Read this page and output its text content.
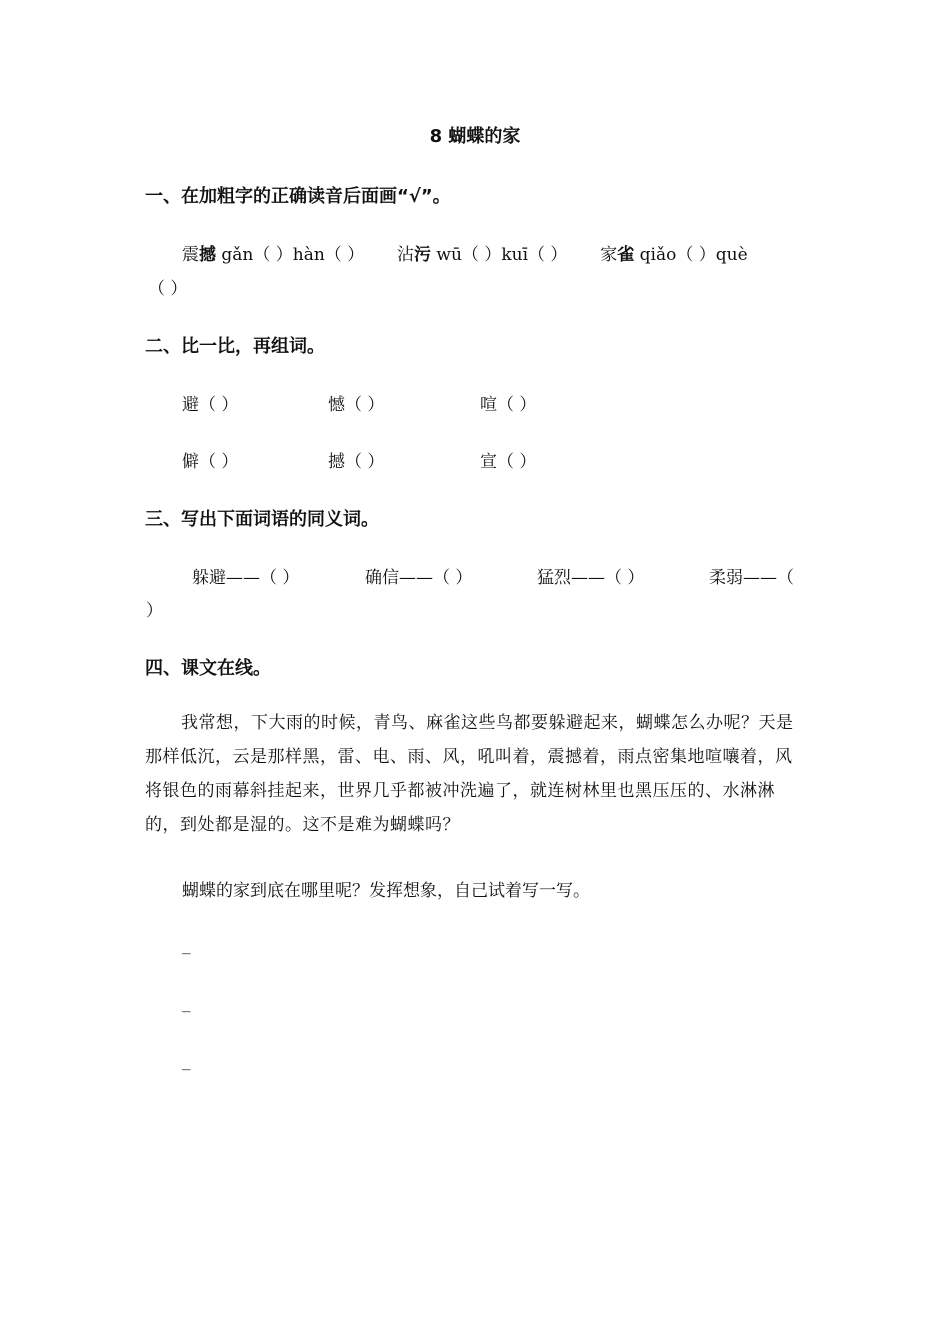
8 蝴蝶的家
一、在加粗字的正确读音后面画“√”。
震撼 gǎn（ ）hàn（ ） 沾污 wū（ ）kuī（ ） 家雀 qiǎo（ ）què
（ ）
二、比一比，再组词。
避（ ）	憾（ ）	喧（ ）
僻（ ）	撼（ ）	宣（ ）
三、写出下面词语的同义词。
躲避——（ ）	确信——（ ）	猛烈——（ ）	柔弱——（
）
四、课文在线。
我常想，下大雨的时候，青鸟、麻雀这些鸟都要躲避起来，蝴蝶怎么办呢？天是那样低沉，云是那样黑，雷、电、雨、风，吼叫着，震撼着，雨点密集地喧嚷着，风将银色的雨幕斜挂起来，世界几乎都被冲洗遍了，就连树林里也黑压压的、水淋淋的，到处都是湿的。这不是难为蝴蝶吗？
蝴蝶的家到底在哪里呢？发挥想象，自己试着写一写。
_
_
_
